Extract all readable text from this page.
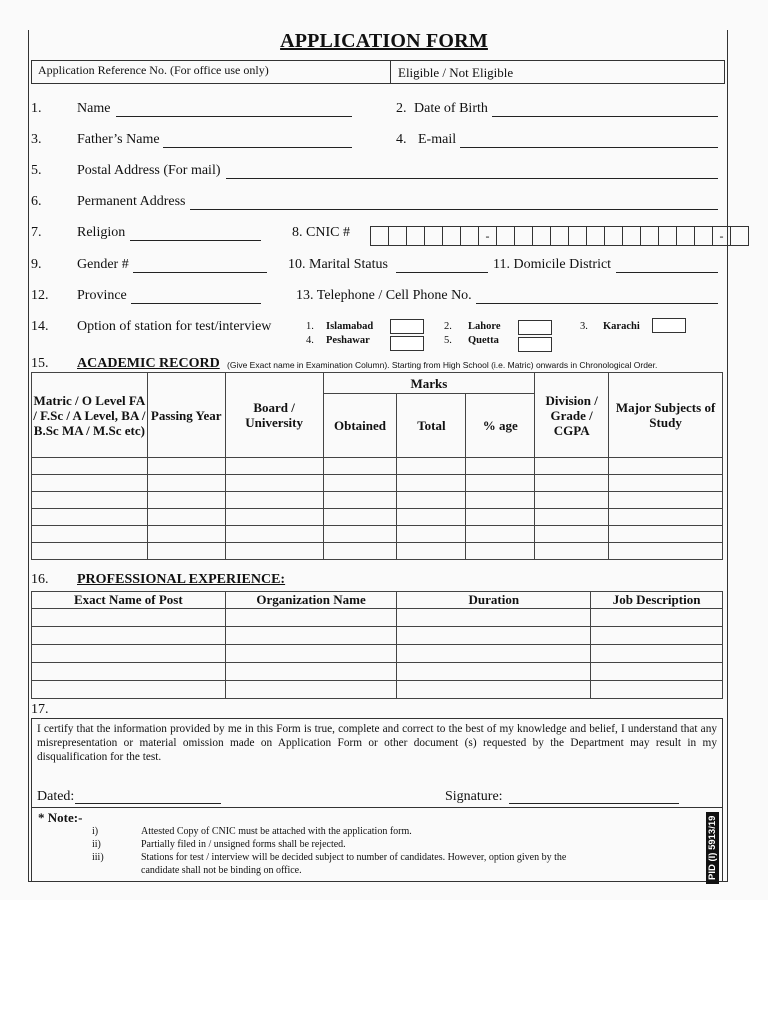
APPLICATION FORM
Application Reference No. (For office use only)	Eligible / Not Eligible
1.	Name	2. Date of Birth
3.	Father’s Name	4. E-mail
5.	Postal Address (For mail)
6.	Permanent Address
7.	Religion	8. CNIC #	-	-
9.	Gender #	10. Marital Status	11. Domicile District
12. Province	13. Telephone / Cell Phone No.
14. Option of station for test/interview	1. Islamabad	2. Lahore	3. Karachi
4. Peshawar	5. Quetta
15. ACADEMIC RECORD (Give Exact name in Examination Column). Starting from High School (i.e. Matric) onwards in Chronological Order.
Matric / O Level FA / F.Sc / A Level, BA / B.Sc MA / M.Sc etc)	Passing Year	Board / University	Marks			Division / Grade / CGPA	Major Subjects of Study
			Obtained	Total	% age		

16. PROFESSIONAL EXPERIENCE:
Exact Name of Post	Organization Name	Duration	Job Description

17.
I certify that the information provided by me in this Form is true, complete and correct to the best of my knowledge and belief, I understand that any misrepresentation or material omission made on Application Form or other document (s) requested by the Department may result in my disqualification for the test.
Dated:	Signature:
* Note:-
i)	Attested Copy of CNIC must be attached with the application form.
ii)	Partially filed in / unsigned forms shall be rejected.
iii)	Stations for test / interview will be decided subject to number of candidates. However, option given by the
candidate shall not be binding on office.	PID (I) 5913/19
